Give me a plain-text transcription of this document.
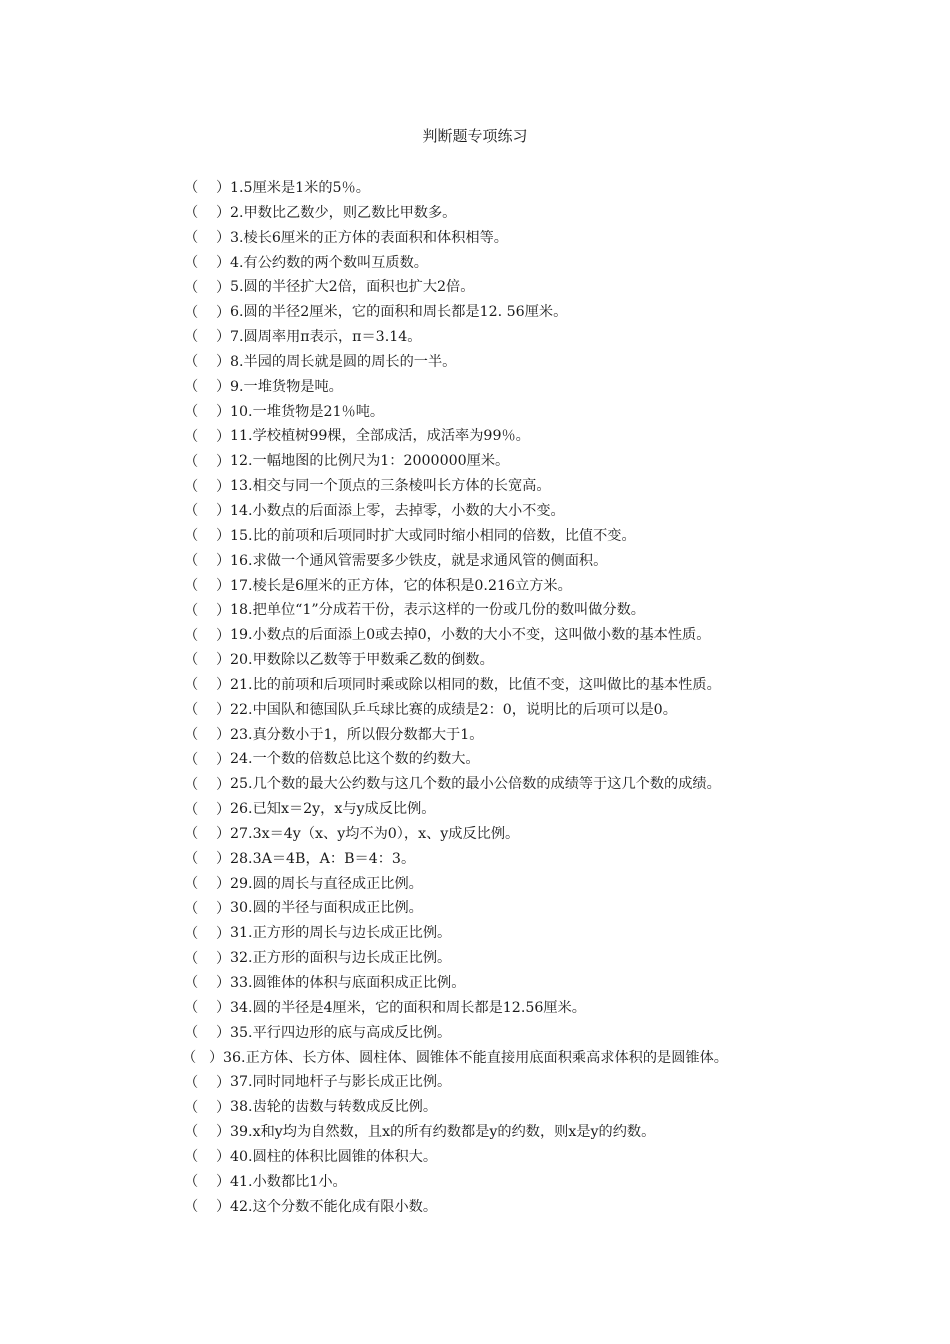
判断题专项练习
（ ） 1.5厘米是1米的5％。
（ ） 2.甲数比乙数少，则乙数比甲数多。
（ ） 3.棱长6厘米的正方体的表面积和体积相等。
（ ） 4.有公约数的两个数叫互质数。
（ ） 5.圆的半径扩大2倍，面积也扩大2倍。
（ ） 6.圆的半径2厘米，它的面积和周长都是12. 56厘米。
（ ） 7.圆周率用π表示，π＝3.14。
（ ） 8.半园的周长就是圆的周长的一半。
（ ） 9.一堆货物是吨。
（ ） 10.一堆货物是21％吨。
（ ） 11.学校植树99棵，全部成活，成活率为99％。
（ ） 12.一幅地图的比例尺为1：2000000厘米。
（ ） 13.相交与同一个顶点的三条棱叫长方体的长宽高。
（ ） 14.小数点的后面添上零，去掉零，小数的大小不变。
（ ） 15.比的前项和后项同时扩大或同时缩小相同的倍数，比值不变。
（ ） 16.求做一个通风管需要多少铁皮，就是求通风管的侧面积。
（ ） 17.棱长是6厘米的正方体，它的体积是0.216立方米。
（ ） 18.把单位“1”分成若干份，表示这样的一份或几份的数叫做分数。
（ ） 19.小数点的后面添上0或去掉0，小数的大小不变，这叫做小数的基本性质。
（ ） 20.甲数除以乙数等于甲数乘乙数的倒数。
（ ） 21.比的前项和后项同时乘或除以相同的数，比值不变，这叫做比的基本性质。
（ ） 22.中国队和德国队乒乓球比赛的成绩是2：0，说明比的后项可以是0。
（ ） 23.真分数小于1，所以假分数都大于1。
（ ） 24.一个数的倍数总比这个数的约数大。
（ ） 25.几个数的最大公约数与这几个数的最小公倍数的成绩等于这几个数的成绩。
（ ） 26.已知x＝2y，x与y成反比例。
（ ） 27.3x＝4y（x、y均不为0），x、y成反比例。
（ ） 28.3A＝4B，A：B＝4：3。
（ ） 29.圆的周长与直径成正比例。
（ ） 30.圆的半径与面积成正比例。
（ ） 31.正方形的周长与边长成正比例。
（ ） 32.正方形的面积与边长成正比例。
（ ） 33.圆锥体的体积与底面积成正比例。
（ ） 34.圆的半径是4厘米，它的面积和周长都是12.56厘米。
（ ） 35.平行四边形的底与高成反比例。
（ ） 36.正方体、长方体、圆柱体、圆锥体不能直接用底面积乘高求体积的是圆锥体。
（ ） 37.同时同地杆子与影长成正比例。
（ ） 38.齿轮的齿数与转数成反比例。
（ ） 39.x和y均为自然数，且x的所有约数都是y的约数，则x是y的约数。
（ ） 40.圆柱的体积比圆锥的体积大。
（ ） 41.小数都比1小。
（ ） 42.这个分数不能化成有限小数。
